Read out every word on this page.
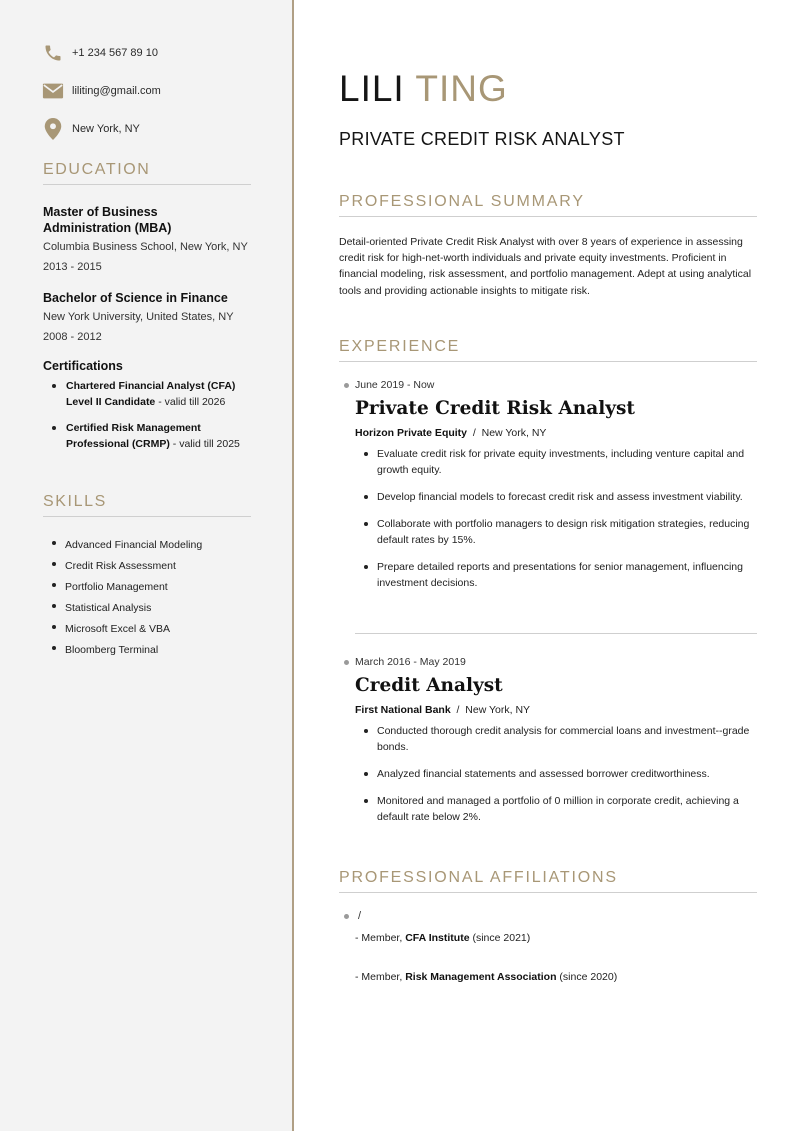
+1 234 567 89 10
liliting@gmail.com
New York, NY
EDUCATION
Master of Business Administration (MBA)
Columbia Business School, New York, NY
2013 - 2015
Bachelor of Science in Finance
New York University, United States, NY
2008 - 2012
Certifications
Chartered Financial Analyst (CFA) Level II Candidate - valid till 2026
Certified Risk Management Professional (CRMP) - valid till 2025
SKILLS
Advanced Financial Modeling
Credit Risk Assessment
Portfolio Management
Statistical Analysis
Microsoft Excel & VBA
Bloomberg Terminal
LILI TING
PRIVATE CREDIT RISK ANALYST
PROFESSIONAL SUMMARY

Detail-oriented Private Credit Risk Analyst with over 8 years of experience in assessing credit risk for high-net-worth individuals and private equity investments. Proficient in financial modeling, risk assessment, and portfolio management. Adept at using analytical tools and providing actionable insights to mitigate risk.

EXPERIENCE
June 2019 - Now
Private Credit Risk Analyst
Horizon Private Equity  /  New York, NY
Evaluate credit risk for private equity investments, including venture capital and growth equity.
Develop financial models to forecast credit risk and assess investment viability.
Collaborate with portfolio managers to design risk mitigation strategies, reducing default rates by 15%.
Prepare detailed reports and presentations for senior management, influencing investment decisions.
March 2016 - May 2019
Credit Analyst
First National Bank  /  New York, NY
Conducted thorough credit analysis for commercial loans and investment--grade bonds.
Analyzed financial statements and assessed borrower creditworthiness.
Monitored and managed a portfolio of 0 million in corporate credit, achieving a default rate below 2%.
PROFESSIONAL AFFILIATIONS
/
- Member, CFA Institute (since 2021)
- Member, Risk Management Association (since 2020)
